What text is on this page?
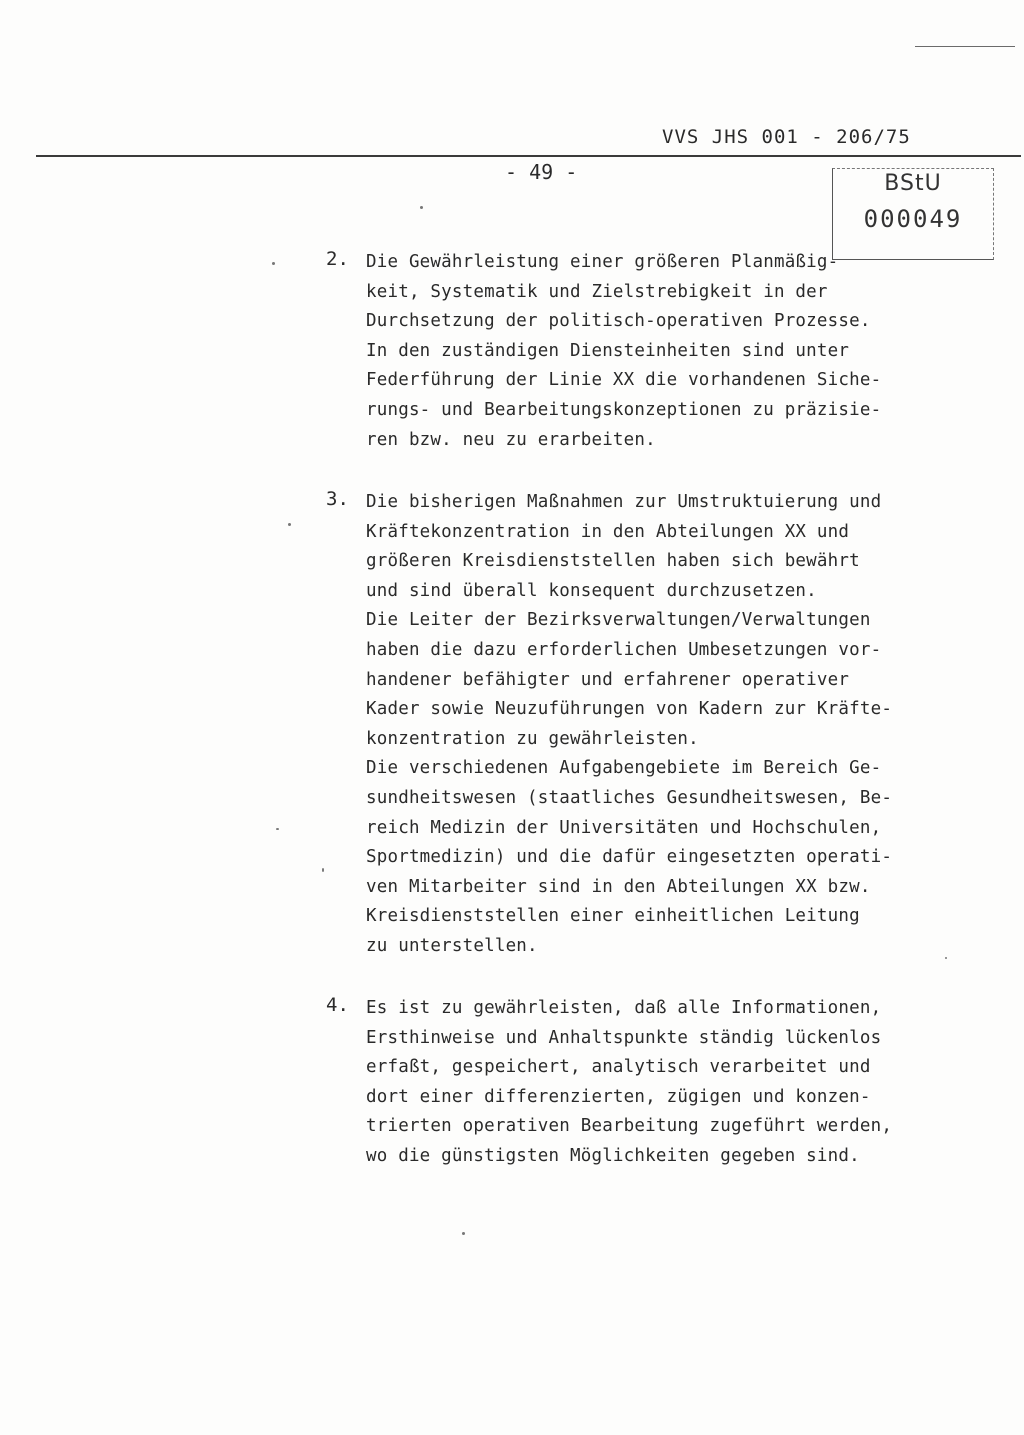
VVS JHS 001 - 206/75
- 49 -	BStU
000049
2. Die Gewährleistung einer größeren Planmäßig-
keit, Systematik und Zielstrebigkeit in der
Durchsetzung der politisch-operativen Prozesse.
In den zuständigen Diensteinheiten sind unter
Federführung der Linie XX die vorhandenen Siche-
rungs- und Bearbeitungskonzeptionen zu präzisie-
ren bzw. neu zu erarbeiten.
3. Die bisherigen Maßnahmen zur Umstruktuierung und
Kräftekonzentration in den Abteilungen XX und
größeren Kreisdienststellen haben sich bewährt
und sind überall konsequent durchzusetzen.
Die Leiter der Bezirksverwaltungen/Verwaltungen
haben die dazu erforderlichen Umbesetzungen vor-
handener befähigter und erfahrener operativer
Kader sowie Neuzuführungen von Kadern zur Kräfte-
konzentration zu gewährleisten.
Die verschiedenen Aufgabengebiete im Bereich Ge-
sundheitswesen (staatliches Gesundheitswesen, Be-
reich Medizin der Universitäten und Hochschulen,
Sportmedizin) und die dafür eingesetzten operati-
ven Mitarbeiter sind in den Abteilungen XX bzw.
Kreisdienststellen einer einheitlichen Leitung
zu unterstellen.
4. Es ist zu gewährleisten, daß alle Informationen,
Ersthinweise und Anhaltspunkte ständig lückenlos
erfaßt, gespeichert, analytisch verarbeitet und
dort einer differenzierten, zügigen und konzen-
trierten operativen Bearbeitung zugeführt werden,
wo die günstigsten Möglichkeiten gegeben sind.
